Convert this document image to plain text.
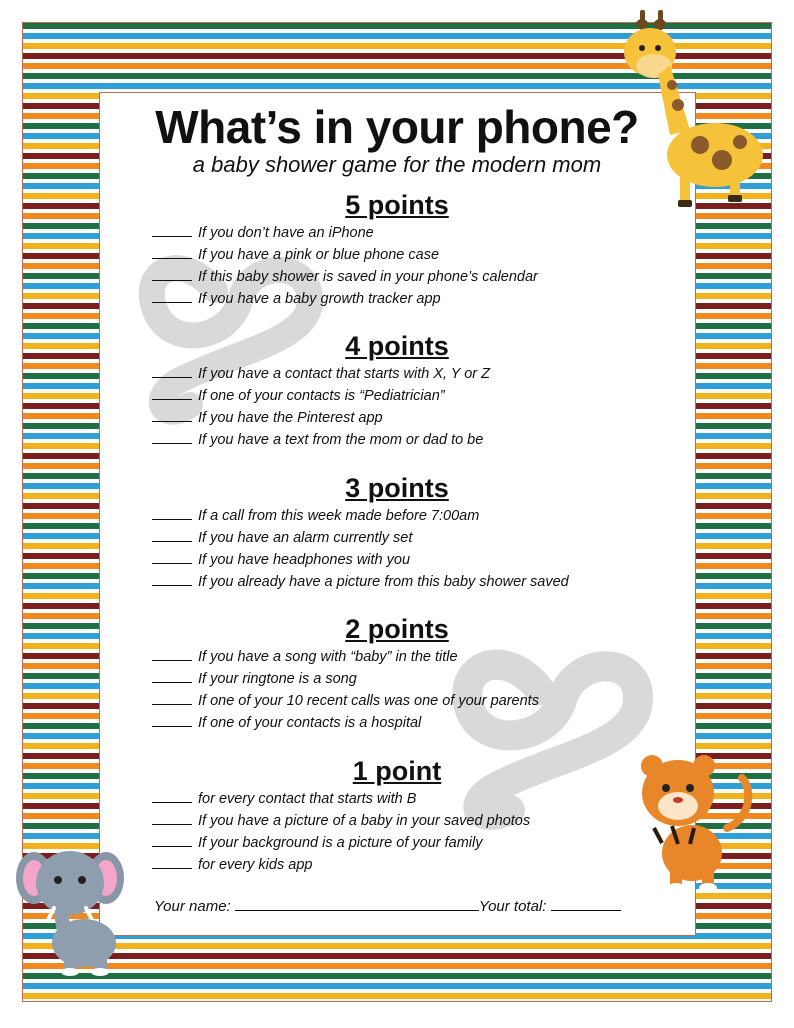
What’s in your phone?
a baby shower game for the modern mom
5 points
If you don’t have an iPhone
If you have a pink or blue phone case
If this baby shower is saved in your phone’s calendar
If you have a baby growth tracker app
4 points
If you have a contact that starts with X, Y or Z
If one of your contacts is “Pediatrician”
If you have the Pinterest app
If you have a text from the mom or dad to be
3 points
If a call from this week made before 7:00am
If you have an alarm currently set
If you have headphones with you
If you already have a picture from this baby shower saved
2 points
If you have a song with “baby” in the title
If your ringtone is a song
If one of your 10 recent calls was one of your parents
If one of your contacts is a hospital
1 point
for every contact that starts with B
If you have a picture of a baby in your saved photos
If your background is a picture of your family
for every kids app
Your name:	Your total:
